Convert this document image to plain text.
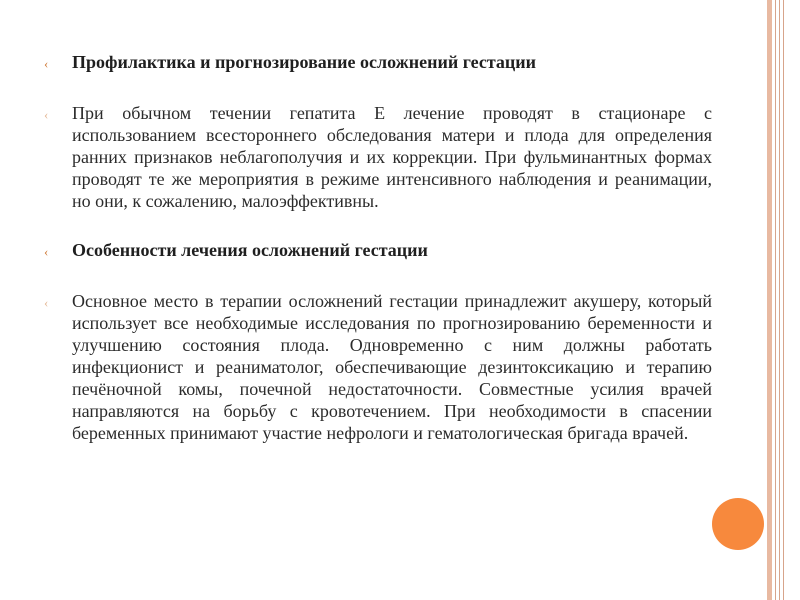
‹	Профилактика и прогнозирование осложнений гестации
‹	При обычном течении гепатита Е лечение проводят в стационаре с использованием всестороннего обследования матери и плода для определения ранних признаков неблагополучия и их коррекции. При фульминантных формах проводят те же мероприятия в режиме интенсивного наблюдения и реанимации, но они, к сожалению, малоэффективны.
‹	Особенности лечения осложнений гестации
‹	Основное место в терапии осложнений гестации принадлежит акушеру, который использует все необходимые исследования по прогнозированию беременности и улучшению состояния плода. Одновременно с ним должны работать инфекционист и реаниматолог, обеспечивающие дезинтоксикацию и терапию печёночной комы, почечной недостаточности. Совместные усилия врачей направляются на борьбу с кровотечением. При необходимости в спасении беременных принимают участие нефрологи и гематологическая бригада врачей.
